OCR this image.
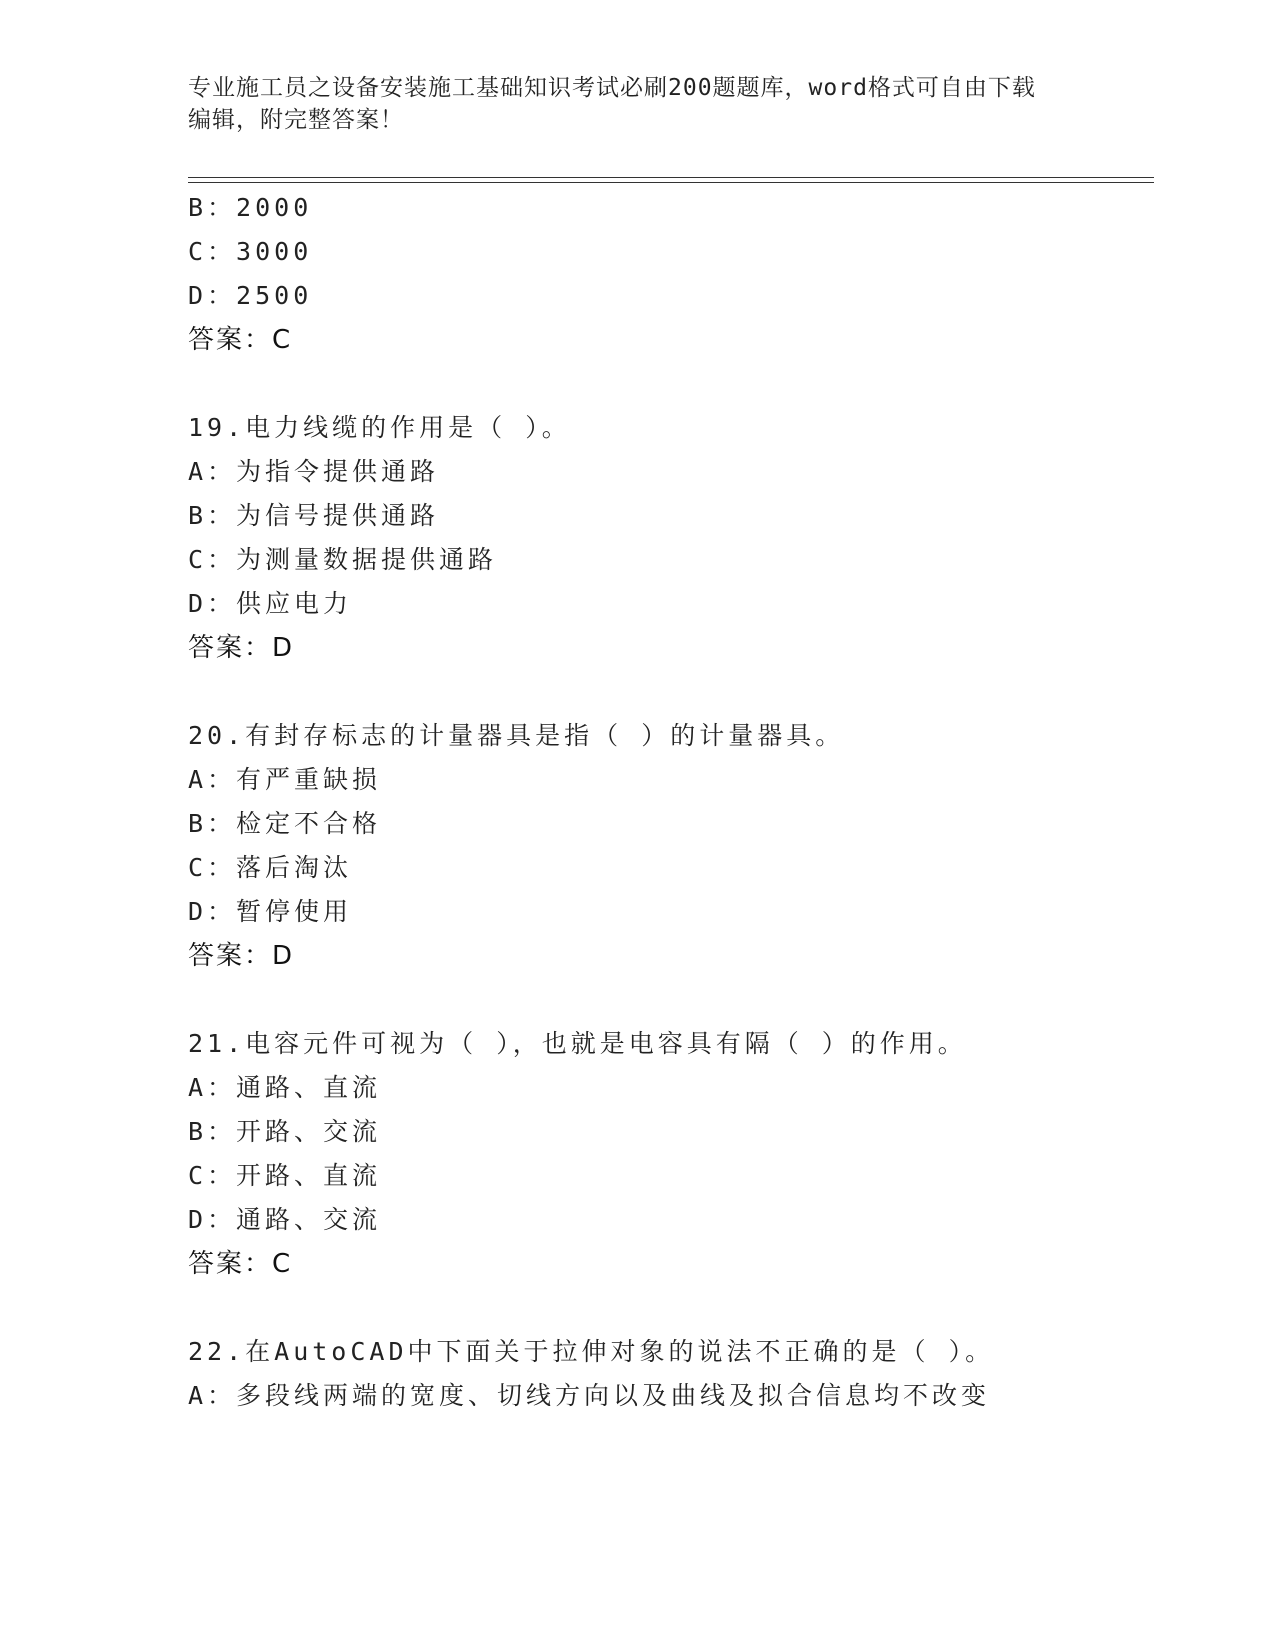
专业施工员之设备安装施工基础知识考试必刷200题题库，word格式可自由下载
编辑，附完整答案！
B：2000
C：3000
D：2500
答案：C
19.电力线缆的作用是（ ）。
A：为指令提供通路
B：为信号提供通路
C：为测量数据提供通路
D：供应电力
答案：D
20.有封存标志的计量器具是指（ ）的计量器具。
A：有严重缺损
B：检定不合格
C：落后淘汰
D：暂停使用
答案：D
21.电容元件可视为（ ），也就是电容具有隔（ ）的作用。
A：通路、直流
B：开路、交流
C：开路、直流
D：通路、交流
答案：C
22.在AutoCAD中下面关于拉伸对象的说法不正确的是（ ）。
A：多段线两端的宽度、切线方向以及曲线及拟合信息均不改变
